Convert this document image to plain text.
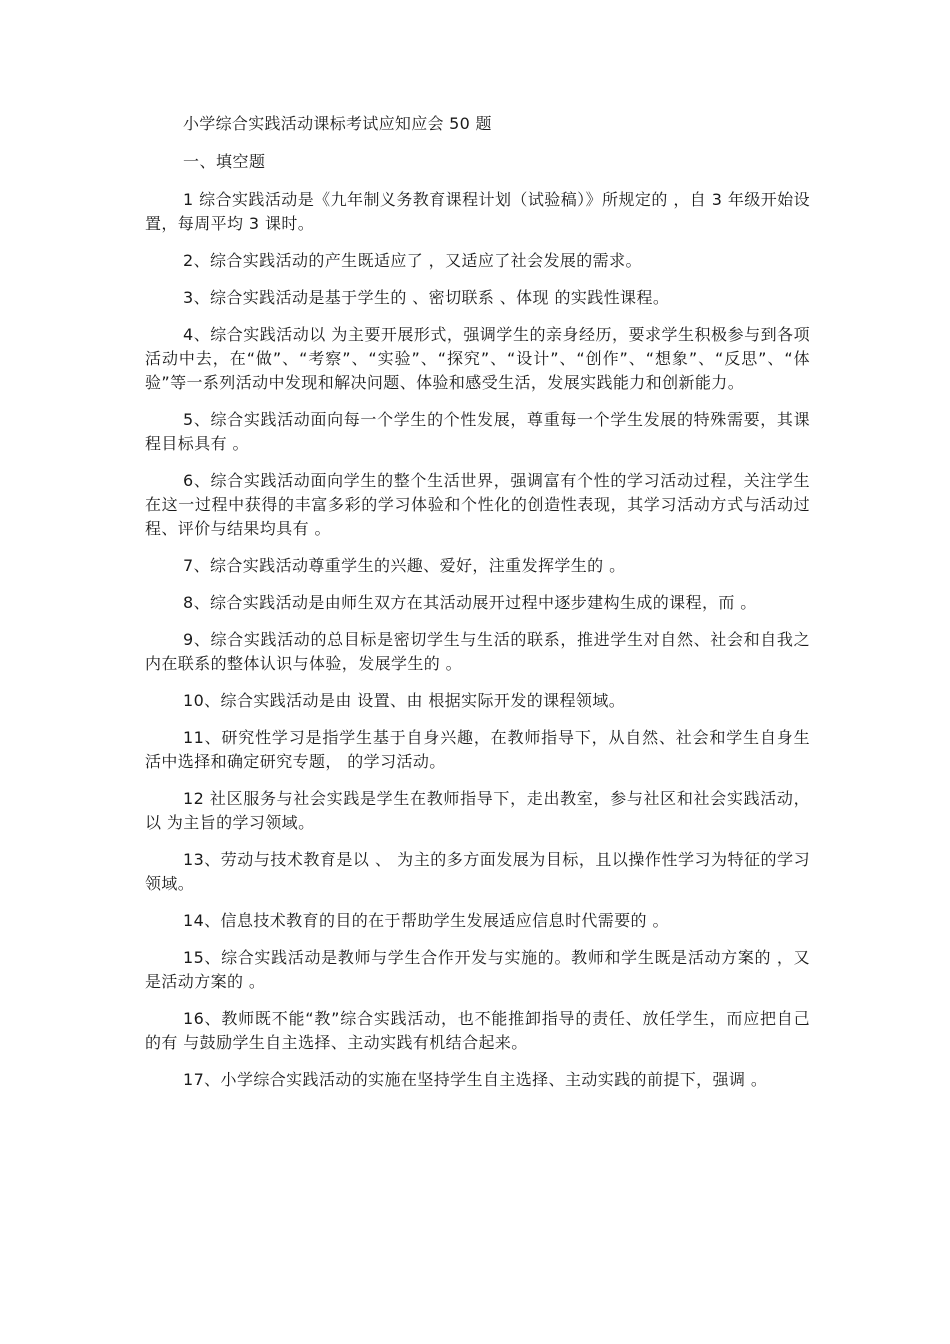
小学综合实践活动课标考试应知应会 50 题
一、填空题

1 综合实践活动是《九年制义务教育课程计划（试验稿）》所规定的 ，自 3 年级开始设置，每周平均 3 课时。

2、综合实践活动的产生既适应了 ，又适应了社会发展的需求。

3、综合实践活动是基于学生的 、密切联系 、体现 的实践性课程。

4、综合实践活动以 为主要开展形式，强调学生的亲身经历，要求学生积极参与到各项活动中去，在“做”、“考察”、“实验”、“探究”、“设计”、“创作”、“想象”、“反思”、“体验”等一系列活动中发现和解决问题、体验和感受生活，发展实践能力和创新能力。

5、综合实践活动面向每一个学生的个性发展，尊重每一个学生发展的特殊需要，其课程目标具有 。

6、综合实践活动面向学生的整个生活世界，强调富有个性的学习活动过程，关注学生在这一过程中获得的丰富多彩的学习体验和个性化的创造性表现，其学习活动方式与活动过程、评价与结果均具有 。

7、综合实践活动尊重学生的兴趣、爱好，注重发挥学生的 。

8、综合实践活动是由师生双方在其活动展开过程中逐步建构生成的课程，而 。

9、综合实践活动的总目标是密切学生与生活的联系，推进学生对自然、社会和自我之内在联系的整体认识与体验，发展学生的 。

10、综合实践活动是由 设置、由 根据实际开发的课程领域。

11、研究性学习是指学生基于自身兴趣，在教师指导下，从自然、社会和学生自身生活中选择和确定研究专题， 的学习活动。

12 社区服务与社会实践是学生在教师指导下，走出教室，参与社区和社会实践活动，以 为主旨的学习领域。

13、劳动与技术教育是以 、 为主的多方面发展为目标，且以操作性学习为特征的学习领域。

14、信息技术教育的目的在于帮助学生发展适应信息时代需要的 。

15、综合实践活动是教师与学生合作开发与实施的。教师和学生既是活动方案的 ，又是活动方案的 。

16、教师既不能“教”综合实践活动，也不能推卸指导的责任、放任学生，而应把自己的有 与鼓励学生自主选择、主动实践有机结合起来。

17、小学综合实践活动的实施在坚持学生自主选择、主动实践的前提下，强调 。
